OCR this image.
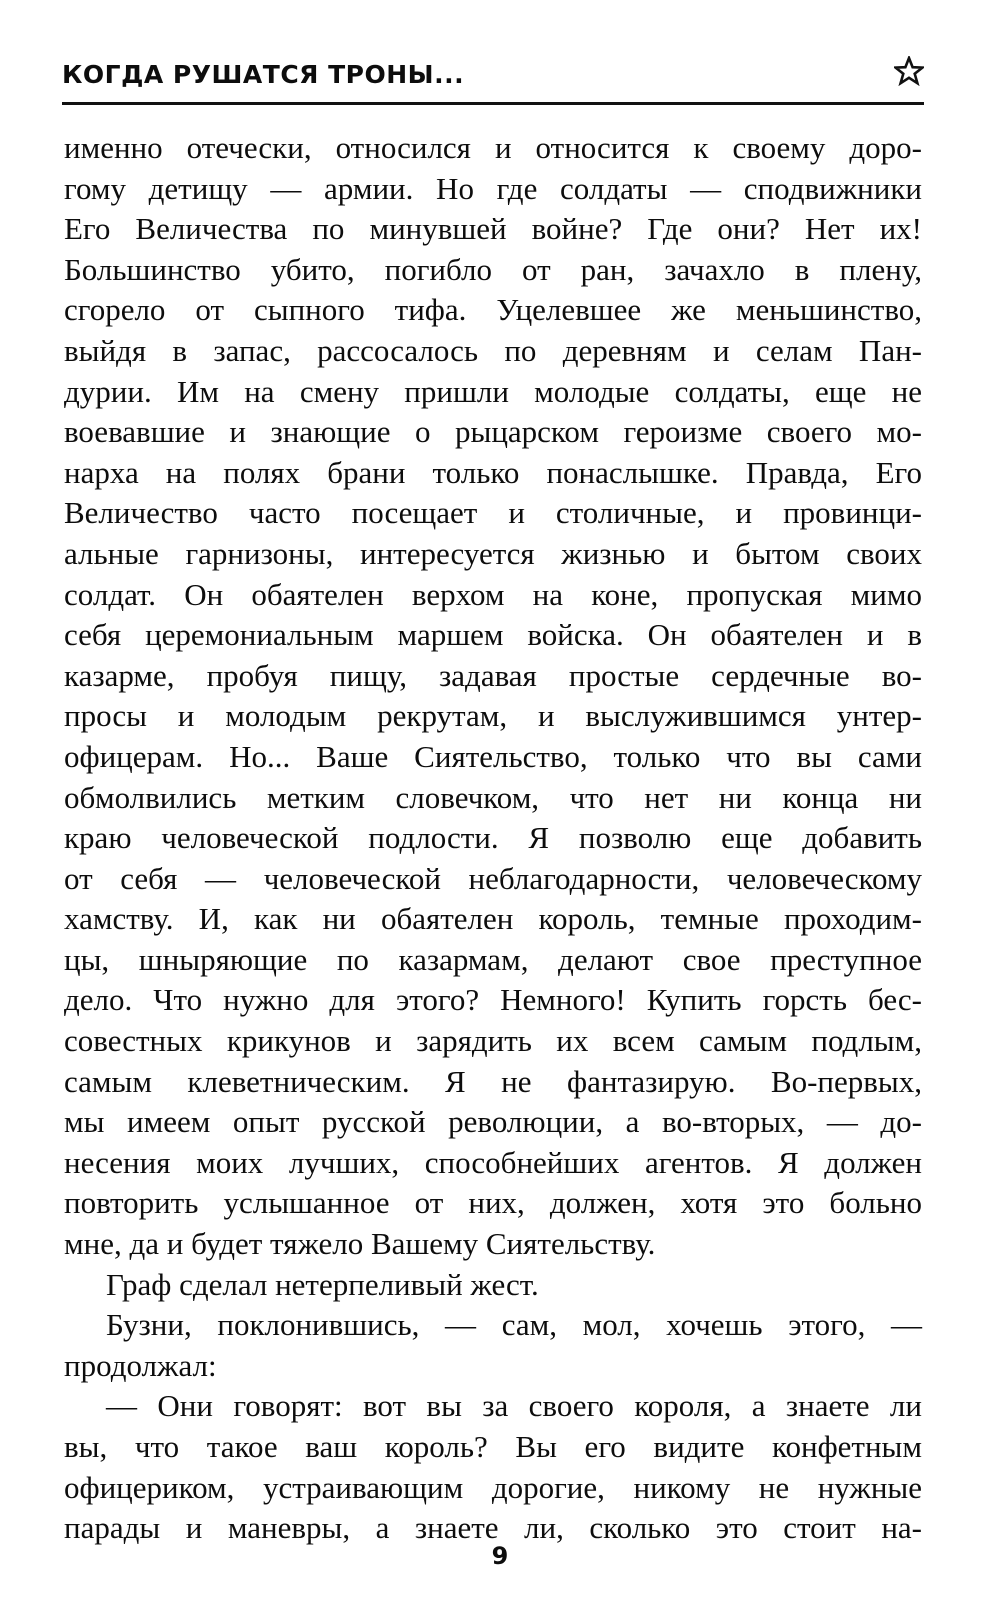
КОГДА РУШАТСЯ ТРОНЫ...
именно отечески, относился и относится к своему доро-
гому детищу — армии. Но где солдаты — сподвижники
Его Величества по минувшей войне? Где они? Нет их!
Большинство убито, погибло от ран, зачахло в плену,
сгорело от сыпного тифа. Уцелевшее же меньшинство,
выйдя в запас, рассосалось по деревням и селам Пан-
дурии. Им на смену пришли молодые солдаты, еще не
воевавшие и знающие о рыцарском героизме своего мо-
нарха на полях брани только понаслышке. Правда, Его
Величество часто посещает и столичные, и провинци-
альные гарнизоны, интересуется жизнью и бытом своих
солдат. Он обаятелен верхом на коне, пропуская мимо
себя церемониальным маршем войска. Он обаятелен и в
казарме, пробуя пищу, задавая простые сердечные во-
просы и молодым рекрутам, и выслужившимся унтер-
офицерам. Но... Ваше Сиятельство, только что вы сами
обмолвились метким словечком, что нет ни конца ни
краю человеческой подлости. Я позволю еще добавить
от себя — человеческой неблагодарности, человеческому
хамству. И, как ни обаятелен король, темные проходим-
цы, шныряющие по казармам, делают свое преступное
дело. Что нужно для этого? Немного! Купить горсть бес-
совестных крикунов и зарядить их всем самым подлым,
самым клеветническим. Я не фантазирую. Во-первых,
мы имеем опыт русской революции, а во-вторых, — до-
несения моих лучших, способнейших агентов. Я должен
повторить услышанное от них, должен, хотя это больно
мне, да и будет тяжело Вашему Сиятельству.
Граф сделал нетерпеливый жест.
Бузни, поклонившись, — сам, мол, хочешь этого, —
продолжал:
— Они говорят: вот вы за своего короля, а знаете ли
вы, что такое ваш король? Вы его видите конфетным
офицериком, устраивающим дорогие, никому не нужные
парады и маневры, а знаете ли, сколько это стоит на-
9
